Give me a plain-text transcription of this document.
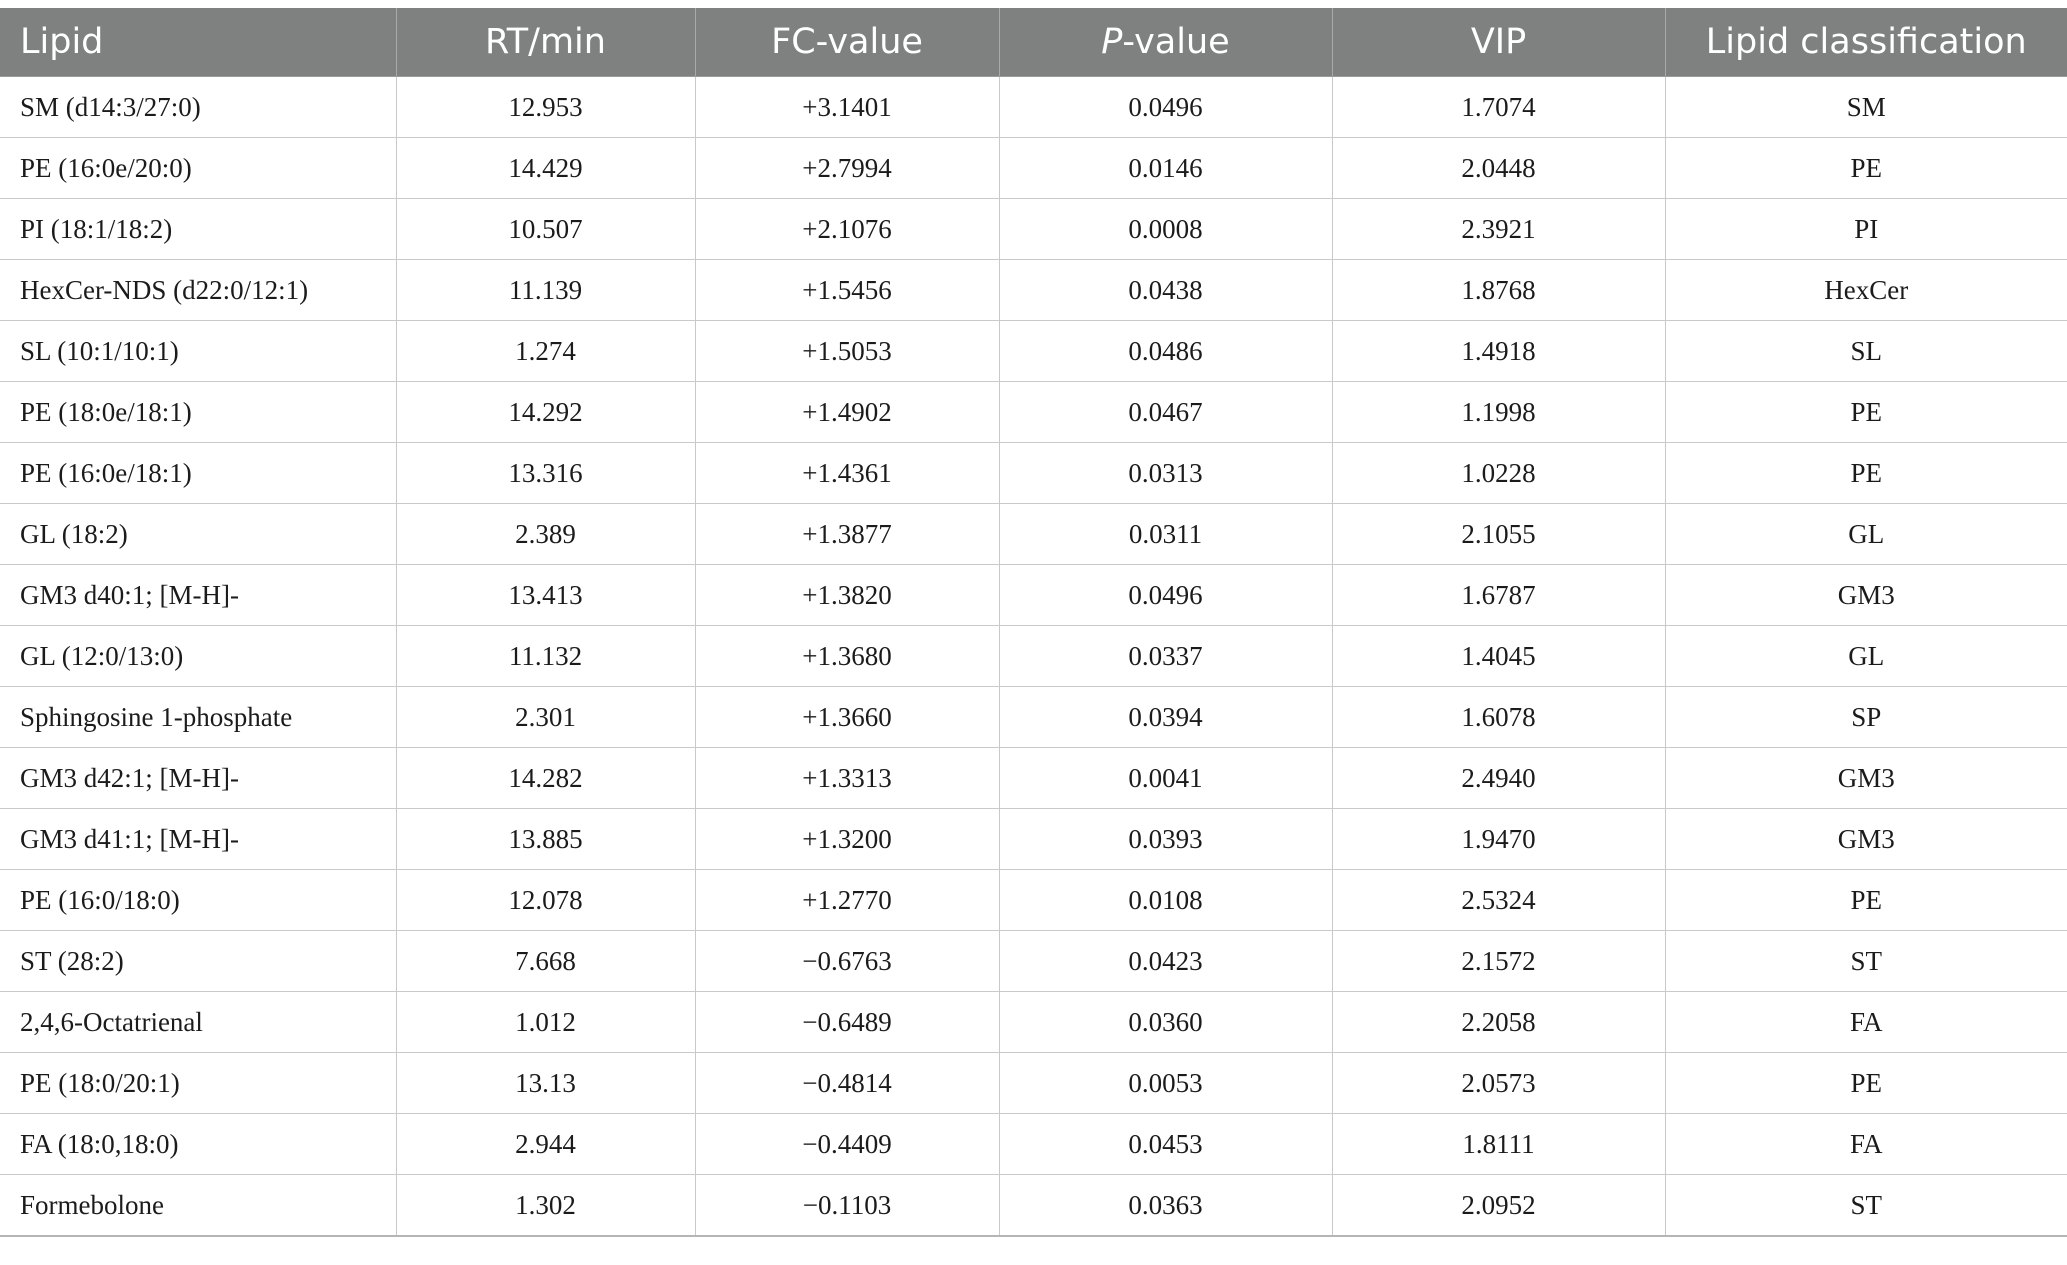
Lipid	RT/min	FC-value	P-value	VIP	Lipid classification
SM (d14:3/27:0)	12.953	+3.1401	0.0496	1.7074	SM
PE (16:0e/20:0)	14.429	+2.7994	0.0146	2.0448	PE
PI (18:1/18:2)	10.507	+2.1076	0.0008	2.3921	PI
HexCer-NDS (d22:0/12:1)	11.139	+1.5456	0.0438	1.8768	HexCer
SL (10:1/10:1)	1.274	+1.5053	0.0486	1.4918	SL
PE (18:0e/18:1)	14.292	+1.4902	0.0467	1.1998	PE
PE (16:0e/18:1)	13.316	+1.4361	0.0313	1.0228	PE
GL (18:2)	2.389	+1.3877	0.0311	2.1055	GL
GM3 d40:1; [M-H]-	13.413	+1.3820	0.0496	1.6787	GM3
GL (12:0/13:0)	11.132	+1.3680	0.0337	1.4045	GL
Sphingosine 1-phosphate	2.301	+1.3660	0.0394	1.6078	SP
GM3 d42:1; [M-H]-	14.282	+1.3313	0.0041	2.4940	GM3
GM3 d41:1; [M-H]-	13.885	+1.3200	0.0393	1.9470	GM3
PE (16:0/18:0)	12.078	+1.2770	0.0108	2.5324	PE
ST (28:2)	7.668	−0.6763	0.0423	2.1572	ST
2,4,6-Octatrienal	1.012	−0.6489	0.0360	2.2058	FA
PE (18:0/20:1)	13.13	−0.4814	0.0053	2.0573	PE
FA (18:0,18:0)	2.944	−0.4409	0.0453	1.8111	FA
Formebolone	1.302	−0.1103	0.0363	2.0952	ST
